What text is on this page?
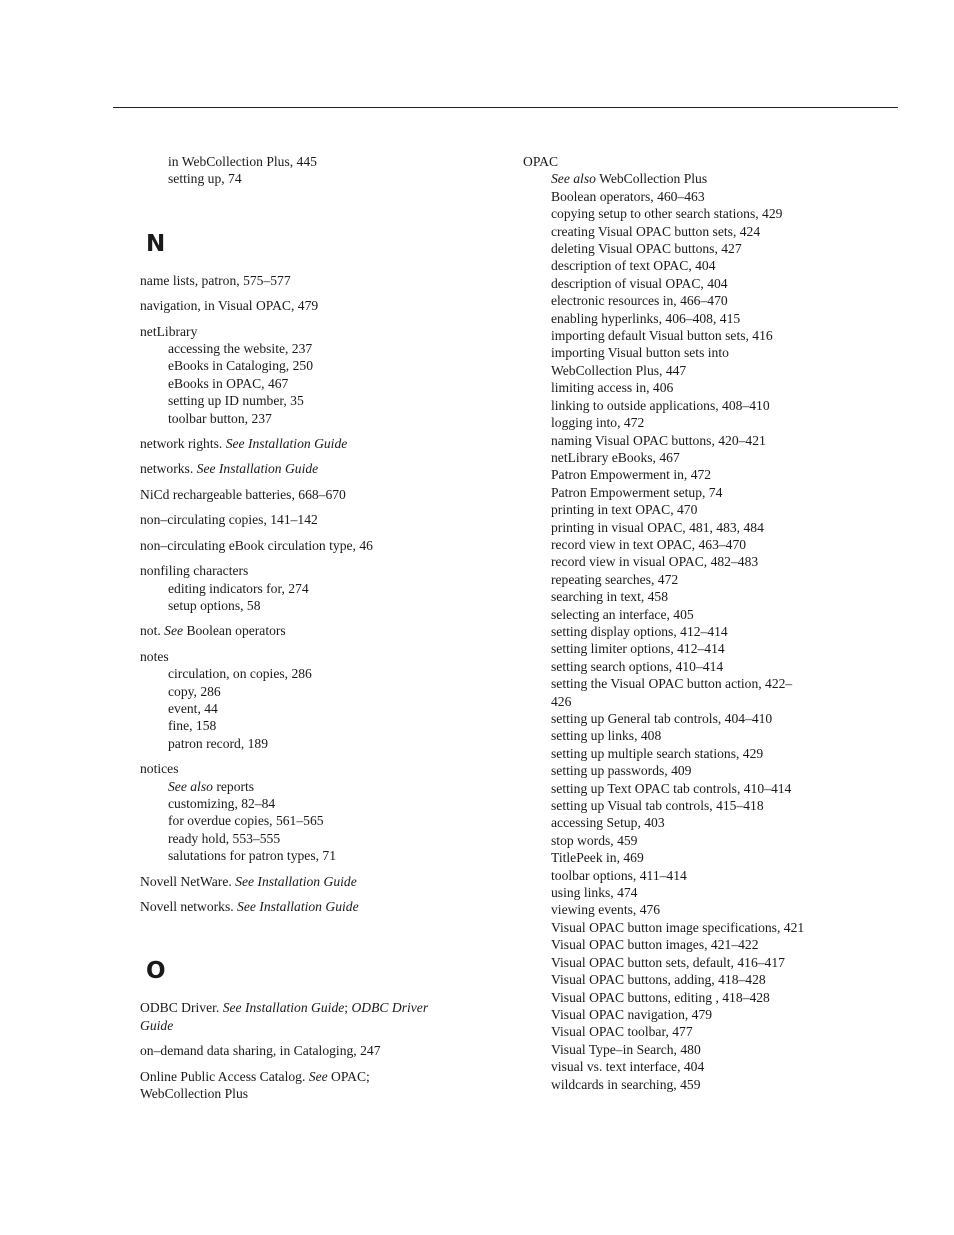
in WebCollection Plus, 445
setting up, 74
N
name lists, patron, 575–577
navigation, in Visual OPAC, 479
netLibrary
accessing the website, 237
eBooks in Cataloging, 250
eBooks in OPAC, 467
setting up ID number, 35
toolbar button, 237
network rights. See Installation Guide
networks. See Installation Guide
NiCd rechargeable batteries, 668–670
non–circulating copies, 141–142
non–circulating eBook circulation type, 46
nonfiling characters
editing indicators for, 274
setup options, 58
not. See Boolean operators
notes
circulation, on copies, 286
copy, 286
event, 44
fine, 158
patron record, 189
notices
See also reports
customizing, 82–84
for overdue copies, 561–565
ready hold, 553–555
salutations for patron types, 71
Novell NetWare. See Installation Guide
Novell networks. See Installation Guide
O
ODBC Driver. See Installation Guide; ODBC Driver Guide
on–demand data sharing, in Cataloging, 247
Online Public Access Catalog. See OPAC; WebCollection Plus
OPAC
See also WebCollection Plus
Boolean operators, 460–463
copying setup to other search stations, 429
creating Visual OPAC button sets, 424
deleting Visual OPAC buttons, 427
description of text OPAC, 404
description of visual OPAC, 404
electronic resources in, 466–470
enabling hyperlinks, 406–408, 415
importing default Visual button sets, 416
importing Visual button sets into WebCollection Plus, 447
limiting access in, 406
linking to outside applications, 408–410
logging into, 472
naming Visual OPAC buttons, 420–421
netLibrary eBooks, 467
Patron Empowerment in, 472
Patron Empowerment setup, 74
printing in text OPAC, 470
printing in visual OPAC, 481, 483, 484
record view in text OPAC, 463–470
record view in visual OPAC, 482–483
repeating searches, 472
searching in text, 458
selecting an interface, 405
setting display options, 412–414
setting limiter options, 412–414
setting search options, 410–414
setting the Visual OPAC button action, 422–426
setting up General tab controls, 404–410
setting up links, 408
setting up multiple search stations, 429
setting up passwords, 409
setting up Text OPAC tab controls, 410–414
setting up Visual tab controls, 415–418
accessing Setup, 403
stop words, 459
TitlePeek in, 469
toolbar options, 411–414
using links, 474
viewing events, 476
Visual OPAC button image specifications, 421
Visual OPAC button images, 421–422
Visual OPAC button sets, default, 416–417
Visual OPAC buttons, adding, 418–428
Visual OPAC buttons, editing , 418–428
Visual OPAC navigation, 479
Visual OPAC toolbar, 477
Visual Type–in Search, 480
visual vs. text interface, 404
wildcards in searching, 459
